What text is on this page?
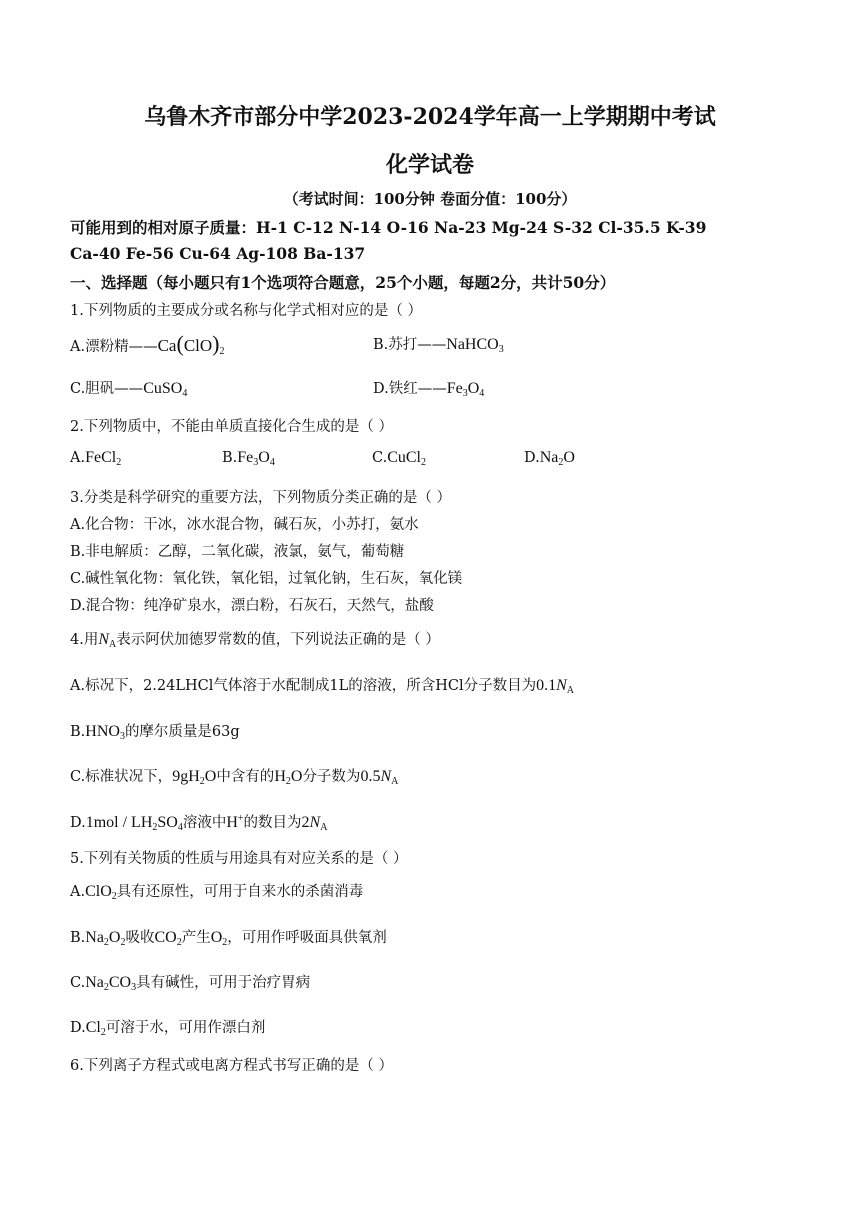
乌鲁木齐市部分中学2023-2024学年高一上学期期中考试
化学试卷
（考试时间：100分钟 卷面分值：100分）
可能用到的相对原子质量：H-1 C-12 N-14 O-16 Na-23 Mg-24 S-32 Cl-35.5 K-39
Ca-40 Fe-56 Cu-64 Ag-108 Ba-137
一、选择题（每小题只有1个选项符合题意，25个小题，每题2分，共计50分）
1.下列物质的主要成分或名称与化学式相对应的是（ ）
A.漂粉精$——Ca(ClO)_2$	B.苏打——NaHCO$_3$
C.胆矾——CuSO$_4$	D.铁红$——Fe_3O_4$
2.下列物质中，不能由单质直接化合生成的是（ ）
A.FeCl$_2$	$B.Fe_3O_4$	C.CuCl$_2$	$D.Na_2O$
3.分类是科学研究的重要方法，下列物质分类正确的是（ ）
A.化合物：干冰，冰水混合物，碱石灰，小苏打，氨水
B.非电解质：乙醇，二氧化碳，液氯，氨气，葡萄糖
C.碱性氧化物：氧化铁，氧化铝，过氧化钠，生石灰，氧化镁
D.混合物：纯净矿泉水，漂白粉，石灰石，天然气，盐酸
4.用$N_A$表示阿伏加德罗常数的值，下列说法正确的是（ ）
A.标况下，2.24LHCl气体溶于水配制成1L的溶液，所含HCl分子数目为$0.1N_A$
$B.HNO_3$的摩尔质量是63g
C.标准状况下，$9gH_2O$中含有的$H_2O$分子数为$0.5N_A$
$D.1mol / LH_2SO_4$溶液中H+的数目为$2N_A$
5.下列有关物质的性质与用途具有对应关系的是（ ）
A.ClO$_2$具有还原性，可用于自来水的杀菌消毒
$B.Na_2O_2$吸收$CO_2$产生$O_2$，可用作呼吸面具供氧剂
$C.Na_2CO_3$具有碱性，可用于治疗胃病
$D.Cl_2$可溶于水，可用作漂白剂
6.下列离子方程式或电离方程式书写正确的是（ ）
